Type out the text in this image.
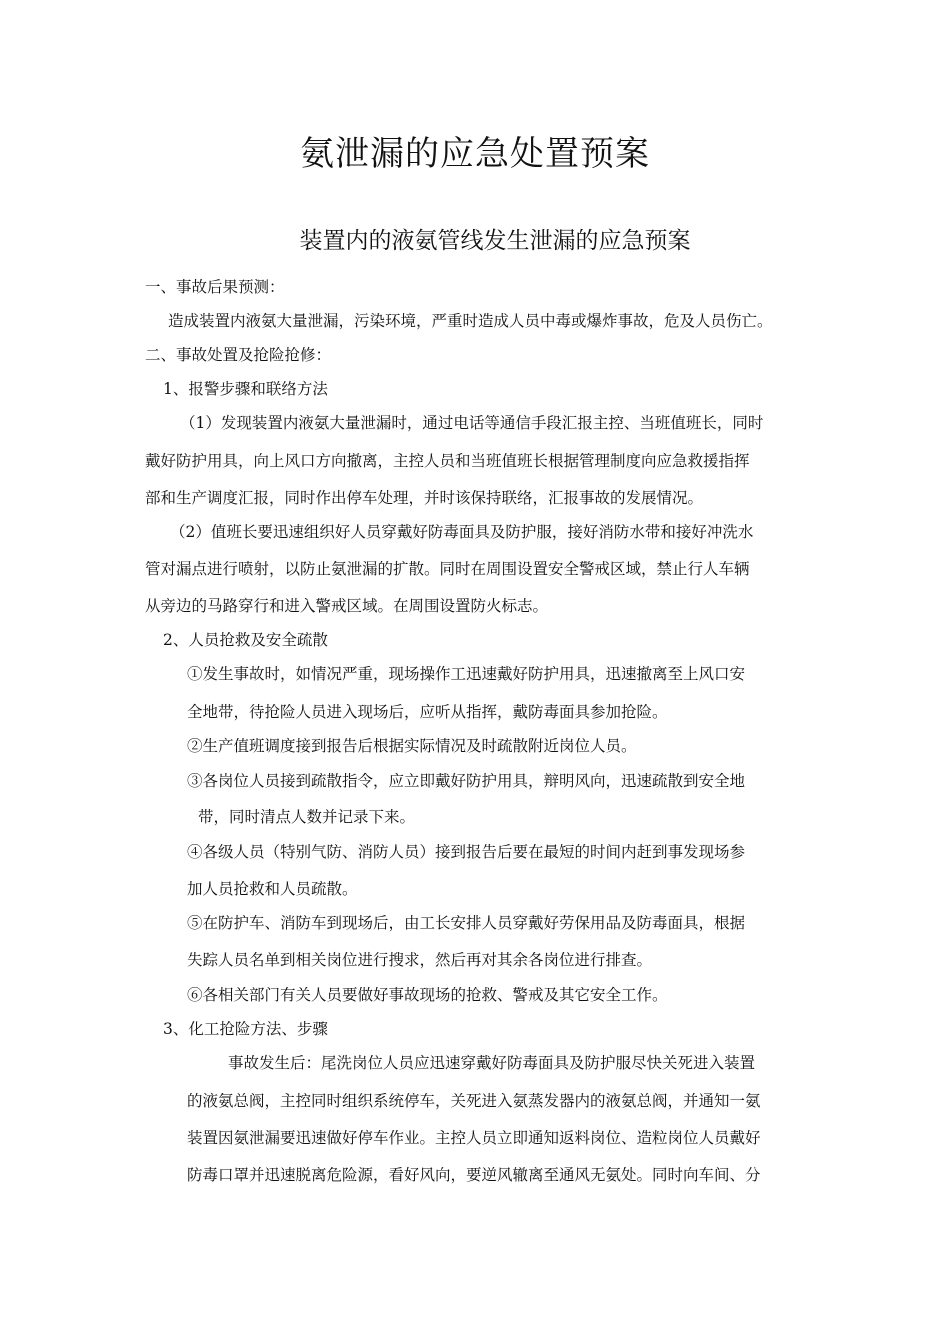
氨泄漏的应急处置预案
装置内的液氨管线发生泄漏的应急预案
一、事故后果预测：
造成装置内液氨大量泄漏，污染环境，严重时造成人员中毒或爆炸事故，危及人员伤亡。
二、事故处置及抢险抢修：
1、报警步骤和联络方法
（1）发现装置内液氨大量泄漏时，通过电话等通信手段汇报主控、当班值班长，同时
戴好防护用具，向上风口方向撤离，主控人员和当班值班长根据管理制度向应急救援指挥
部和生产调度汇报，同时作出停车处理，并时该保持联络，汇报事故的发展情况。
（2）值班长要迅速组织好人员穿戴好防毒面具及防护服，接好消防水带和接好冲洗水
管对漏点进行喷射，以防止氨泄漏的扩散。同时在周围设置安全警戒区域，禁止行人车辆
从旁边的马路穿行和进入警戒区域。在周围设置防火标志。
2、人员抢救及安全疏散
①发生事故时，如情况严重，现场操作工迅速戴好防护用具，迅速撤离至上风口安
全地带，待抢险人员进入现场后，应听从指挥，戴防毒面具参加抢险。
②生产值班调度接到报告后根据实际情况及时疏散附近岗位人员。
③各岗位人员接到疏散指令，应立即戴好防护用具，辩明风向，迅速疏散到安全地
带，同时清点人数并记录下来。
④各级人员（特别气防、消防人员）接到报告后要在最短的时间内赶到事发现场参
加人员抢救和人员疏散。
⑤在防护车、消防车到现场后，由工长安排人员穿戴好劳保用品及防毒面具，根据
失踪人员名单到相关岗位进行搜求，然后再对其余各岗位进行排查。
⑥各相关部门有关人员要做好事故现场的抢救、警戒及其它安全工作。
3、化工抢险方法、步骤
事故发生后：尾洗岗位人员应迅速穿戴好防毒面具及防护服尽快关死进入装置
的液氨总阀，主控同时组织系统停车，关死进入氨蒸发器内的液氨总阀，并通知一氨
装置因氨泄漏要迅速做好停车作业。主控人员立即通知返料岗位、造粒岗位人员戴好
防毒口罩并迅速脱离危险源，看好风向，要逆风辙离至通风无氨处。同时向车间、分
